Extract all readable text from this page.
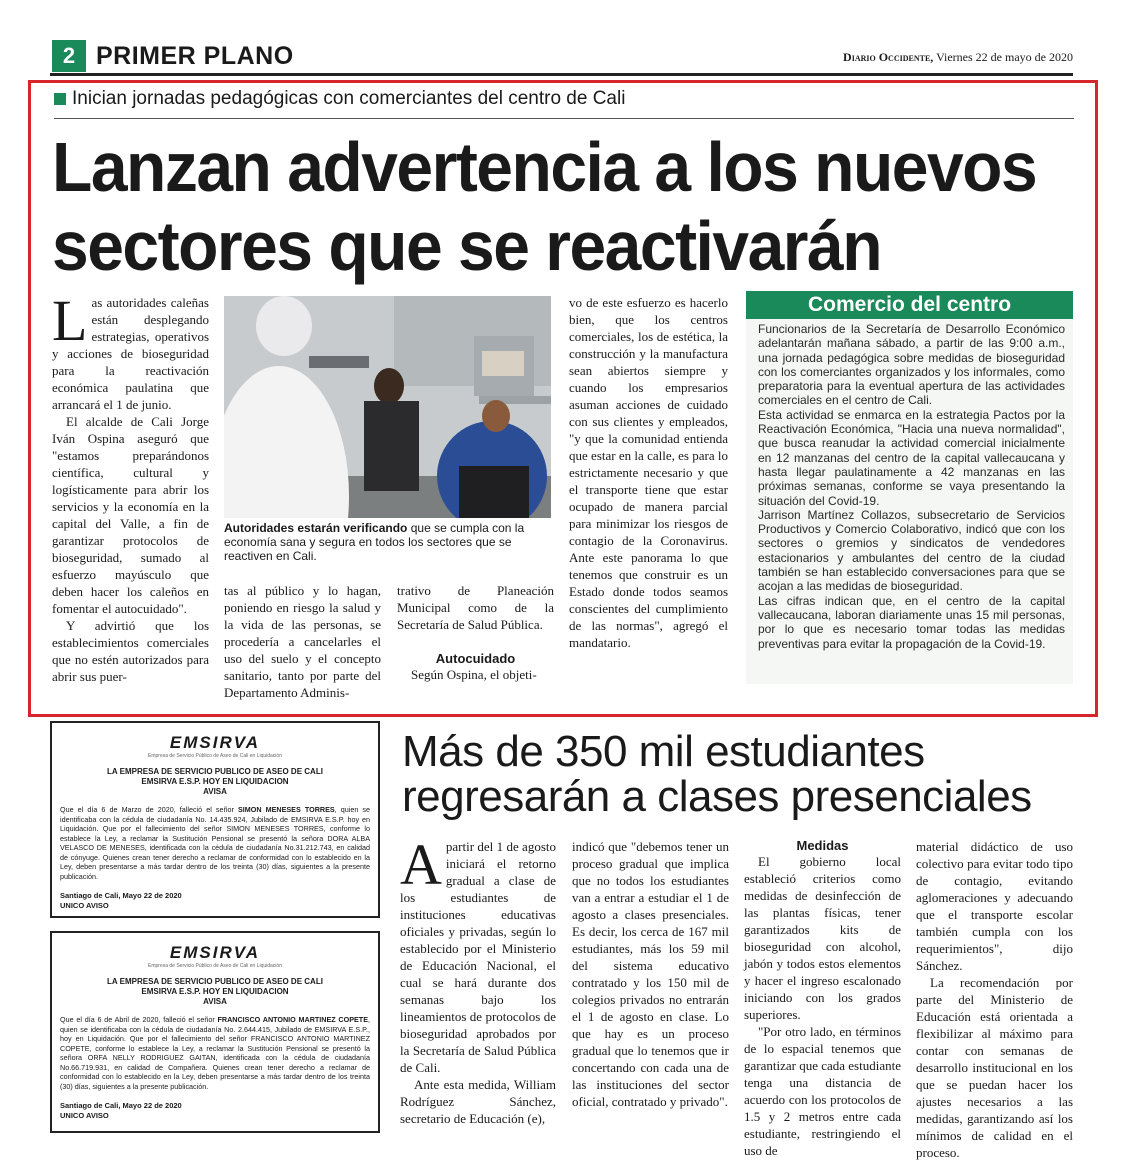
2 PRIMER PLANO	Diario Occidente, Viernes 22 de mayo de 2020
Inician jornadas pedagógicas con comerciantes del centro de Cali
Lanzan advertencia a los nuevos
sectores que se reactivarán

Las autoridades caleñas están desplegando estrategias, operativos y acciones de bioseguridad para la reactivación económica paulatina que arrancará el 1 de junio.

El alcalde de Cali Jorge Iván Ospina aseguró que "estamos preparándonos científica, cultural y logísticamente para abrir los servicios y la economía en la capital del Valle, a fin de garantizar protocolos de bioseguridad, sumado al esfuerzo mayúsculo que deben hacer los caleños en fomentar el autocuidado".

Y advirtió que los establecimientos comerciales que no estén autorizados para abrir sus puer-

Autoridades estarán verificando que se cumpla con la economía sana y segura en todos los sectores que se reactiven en Cali.

tas al público y lo hagan, poniendo en riesgo la salud y la vida de las personas, se procedería a cancelarles el uso del suelo y el concepto sanitario, tanto por parte del Departamento Adminis-

trativo de Planeación Municipal como de la Secretaría de Salud Pública.

Autocuidado

Según Ospina, el objeti-

vo de este esfuerzo es hacerlo bien, que los centros comerciales, los de estética, la construcción y la manufactura sean abiertos siempre y cuando los empresarios asuman acciones de cuidado con sus clientes y empleados, "y que la comunidad entienda que estar en la calle, es para lo estrictamente necesario y que el transporte tiene que estar ocupado de manera parcial para minimizar los riesgos de contagio de la Coronavirus. Ante este panorama lo que tenemos que construir es un Estado donde todos seamos conscientes del cumplimiento de las normas", agregó el mandatario.

Comercio del centro

Funcionarios de la Secretaría de Desarrollo Económico adelantarán mañana sábado, a partir de las 9:00 a.m., una jornada pedagógica sobre medidas de bioseguridad con los comerciantes organizados y los informales, como preparatoria para la eventual apertura de las actividades comerciales en el centro de Cali.

Esta actividad se enmarca en la estrategia Pactos por la Reactivación Económica, "Hacia una nueva normalidad", que busca reanudar la actividad comercial inicialmente en 12 manzanas del centro de la capital vallecaucana y hasta llegar paulatinamente a 42 manzanas en las próximas semanas, conforme se vaya presentando la situación del Covid-19.

Jarrison Martínez Collazos, subsecretario de Servicios Productivos y Comercio Colaborativo, indicó que con los sectores o gremios y sindicatos de vendedores estacionarios y ambulantes del centro de la ciudad también se han establecido conversaciones para que se acojan a las medidas de bioseguridad.

Las cifras indican que, en el centro de la capital vallecaucana, laboran diariamente unas 15 mil personas, por lo que es necesario tomar todas las medidas preventivas para evitar la propagación de la Covid-19.

EMSIRVA
Empresa de Servicio Público de Aseo de Cali en Liquidación
LA EMPRESA DE SERVICIO PUBLICO DE ASEO DE CALI
EMSIRVA E.S.P. HOY EN LIQUIDACION
AVISA
Que el día 6 de Marzo de 2020, falleció el señor SIMON MENESES TORRES, quien se identificaba con la cédula de ciudadanía No. 14.435.924, Jubilado de EMSIRVA E.S.P. hoy en Liquidación. Que por el fallecimiento del señor SIMON MENESES TORRES, conforme lo establece la Ley, a reclamar la Sustitución Pensional se presentó la señora DORA ALBA VELASCO DE MENESES, identificada con la cédula de ciudadanía No.31.212.743, en calidad de cónyuge. Quienes crean tener derecho a reclamar de conformidad con lo establecido en la Ley, deben presentarse a más tardar dentro de los treinta (30) días, siguientes a la presente publicación.
Santiago de Cali, Mayo 22 de 2020
UNICO AVISO
EMSIRVA
Empresa de Servicio Público de Aseo de Cali en Liquidación
LA EMPRESA DE SERVICIO PUBLICO DE ASEO DE CALI
EMSIRVA E.S.P. HOY EN LIQUIDACION
AVISA
Que el día 6 de Abril de 2020, falleció el señor FRANCISCO ANTONIO MARTINEZ COPETE, quien se identificaba con la cédula de ciudadanía No. 2.644.415, Jubilado de EMSIRVA E.S.P., hoy en Liquidación. Que por el fallecimiento del señor FRANCISCO ANTONIO MARTINEZ COPETE, conforme lo establece la Ley, a reclamar la Sustitución Pensional se presentó la señora ORFA NELLY RODRIGUEZ GAITAN, identificada con la cédula de ciudadanía No.66.719.931, en calidad de Compañera. Quienes crean tener derecho a reclamar de conformidad con lo establecido en la Ley, deben presentarse a más tardar dentro de los treinta (30) días, siguientes a la presente publicación.
Santiago de Cali, Mayo 22 de 2020
UNICO AVISO
Más de 350 mil estudiantes
regresarán a clases presenciales

Apartir del 1 de agosto iniciará el retorno gradual a clase de los estudiantes de instituciones educativas oficiales y privadas, según lo establecido por el Ministerio de Educación Nacional, el cual se hará durante dos semanas bajo los lineamientos de protocolos de bioseguridad aprobados por la Secretaría de Salud Pública de Cali.

Ante esta medida, William Rodríguez Sánchez, secretario de Educación (e),

indicó que "debemos tener un proceso gradual que implica que no todos los estudiantes van a entrar a estudiar el 1 de agosto a clases presenciales. Es decir, los cerca de 167 mil estudiantes, más los 59 mil del sistema educativo contratado y los 150 mil de colegios privados no entrarán el 1 de agosto en clase. Lo que hay es un proceso gradual que lo tenemos que ir concertando con cada una de las instituciones del sector oficial, contratado y privado".

Medidas

El gobierno local estableció criterios como medidas de desinfección de las plantas físicas, tener garantizados kits de bioseguridad con alcohol, jabón y todos estos elementos y hacer el ingreso escalonado iniciando con los grados superiores.

"Por otro lado, en términos de lo espacial tenemos que garantizar que cada estudiante tenga una distancia de acuerdo con los protocolos de 1.5 y 2 metros entre cada estudiante, restringiendo el uso de

material didáctico de uso colectivo para evitar todo tipo de contagio, evitando aglomeraciones y adecuando que el transporte escolar también cumpla con los requerimientos", dijo Sánchez.

La recomendación por parte del Ministerio de Educación está orientada a flexibilizar al máximo para contar con semanas de desarrollo institucional en los que se puedan hacer los ajustes necesarios a las medidas, garantizando así los mínimos de calidad en el proceso.
